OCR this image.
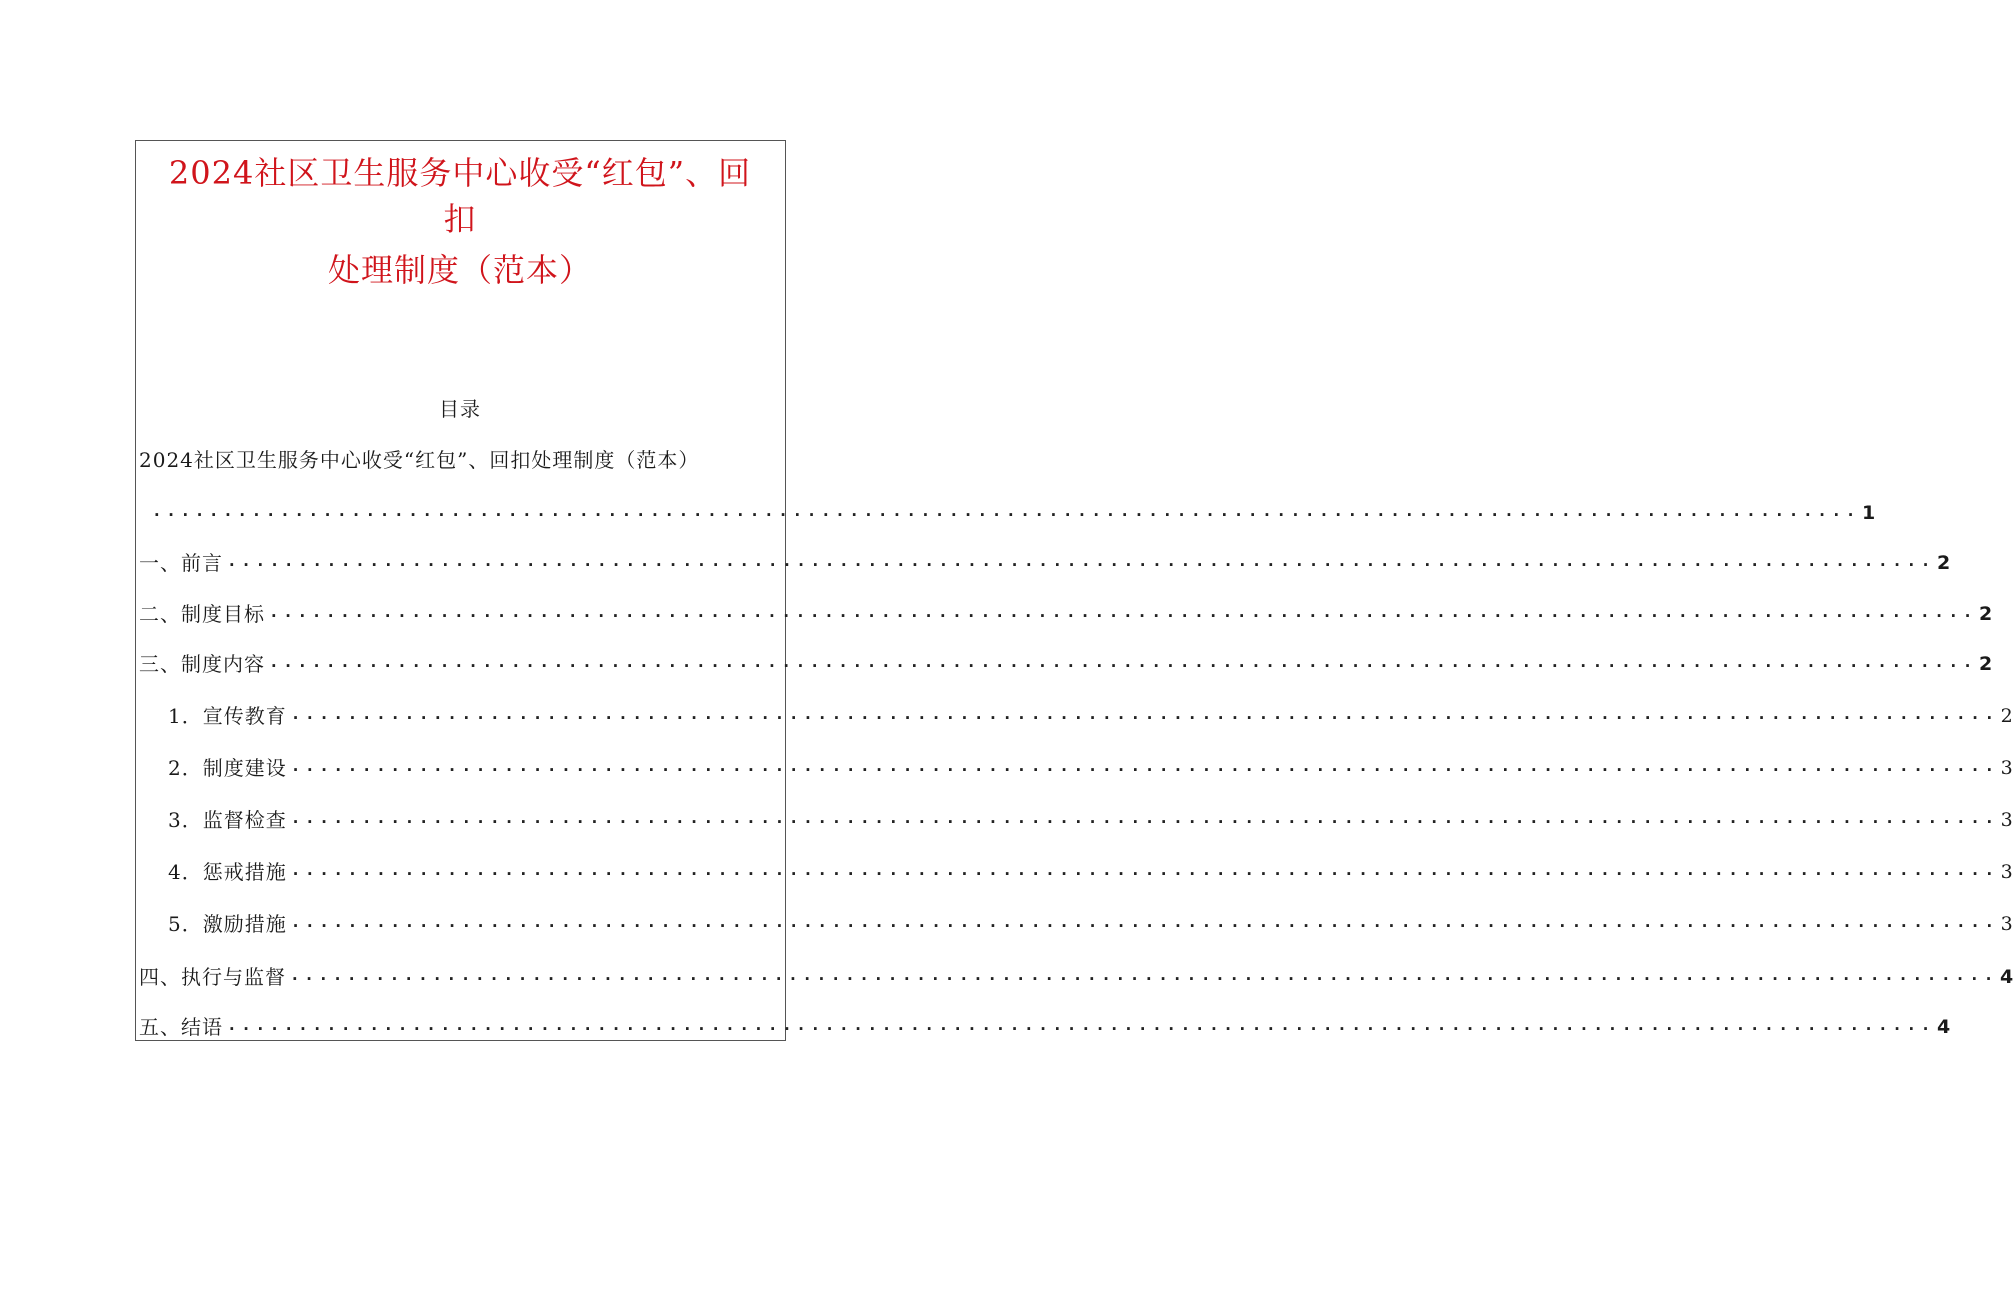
2024社区卫生服务中心收受“红包”、回
扣
处理制度（范本）
目录
2024社区卫生服务中心收受“红包”、回扣处理制度（范本）
........................................................................................................................ 1
一、前言 ........................................................................................................................ 2
二、制度目标 ........................................................................................................................ 2
三、制度内容 ........................................................................................................................ 2
1．宣传教育 ........................................................................................................................ 2
2．制度建设 ........................................................................................................................ 3
3．监督检查 ........................................................................................................................ 3
4．惩戒措施 ........................................................................................................................ 3
5．激励措施 ........................................................................................................................ 3
四、执行与监督 ........................................................................................................................ 4
五、结语 ........................................................................................................................ 4
